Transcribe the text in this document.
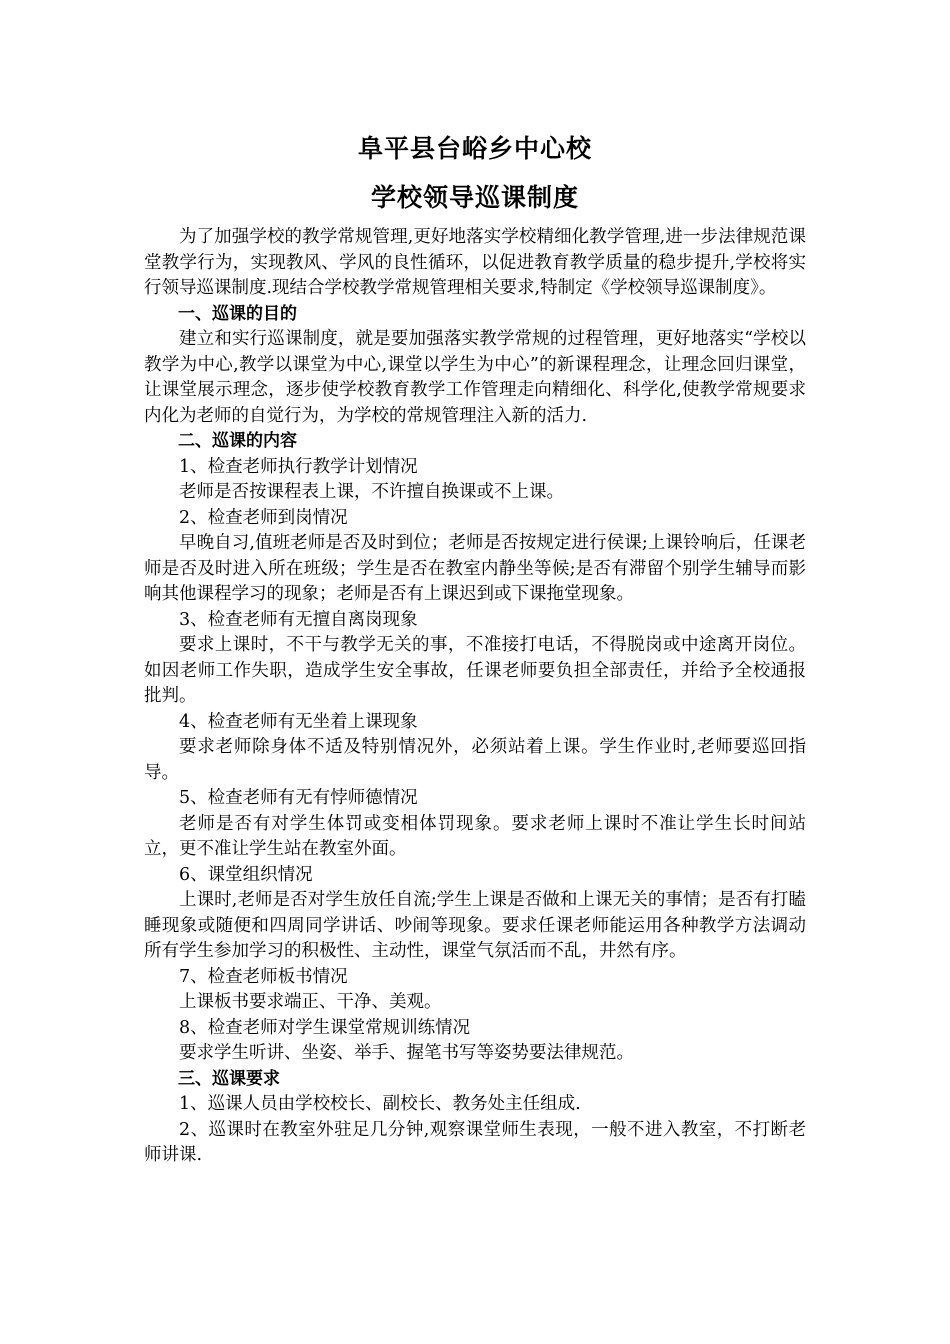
阜平县台峪乡中心校
学校领导巡课制度

为了加强学校的教学常规管理,更好地落实学校精细化教学管理,进一步法律规范课堂教学行为，实现教风、学风的良性循环，以促进教育教学质量的稳步提升,学校将实行领导巡课制度.现结合学校教学常规管理相关要求,特制定《学校领导巡课制度》。

一、巡课的目的

建立和实行巡课制度，就是要加强落实教学常规的过程管理，更好地落实“学校以教学为中心,教学以课堂为中心,课堂以学生为中心”的新课程理念，让理念回归课堂，让课堂展示理念，逐步使学校教育教学工作管理走向精细化、科学化,使教学常规要求内化为老师的自觉行为，为学校的常规管理注入新的活力.

二、巡课的内容

1、检查老师执行教学计划情况

老师是否按课程表上课，不许擅自换课或不上课。

2、检查老师到岗情况

早晚自习,值班老师是否及时到位；老师是否按规定进行侯课;上课铃响后，任课老师是否及时进入所在班级；学生是否在教室内静坐等候;是否有滞留个别学生辅导而影响其他课程学习的现象；老师是否有上课迟到或下课拖堂现象。

3、检查老师有无擅自离岗现象

要求上课时，不干与教学无关的事，不准接打电话，不得脱岗或中途离开岗位。如因老师工作失职，造成学生安全事故，任课老师要负担全部责任，并给予全校通报批判。

4、检查老师有无坐着上课现象

要求老师除身体不适及特别情况外，必须站着上课。学生作业时,老师要巡回指导。

5、检查老师有无有悖师德情况

老师是否有对学生体罚或变相体罚现象。要求老师上课时不准让学生长时间站立，更不准让学生站在教室外面。

6、课堂组织情况

上课时,老师是否对学生放任自流;学生上课是否做和上课无关的事情；是否有打瞌睡现象或随便和四周同学讲话、吵闹等现象。要求任课老师能运用各种教学方法调动所有学生参加学习的积极性、主动性，课堂气氛活而不乱，井然有序。

7、检查老师板书情况

上课板书要求端正、干净、美观。

8、检查老师对学生课堂常规训练情况

要求学生听讲、坐姿、举手、握笔书写等姿势要法律规范。

三、巡课要求

1、巡课人员由学校校长、副校长、教务处主任组成.

2、巡课时在教室外驻足几分钟,观察课堂师生表现，一般不进入教室，不打断老师讲课.
